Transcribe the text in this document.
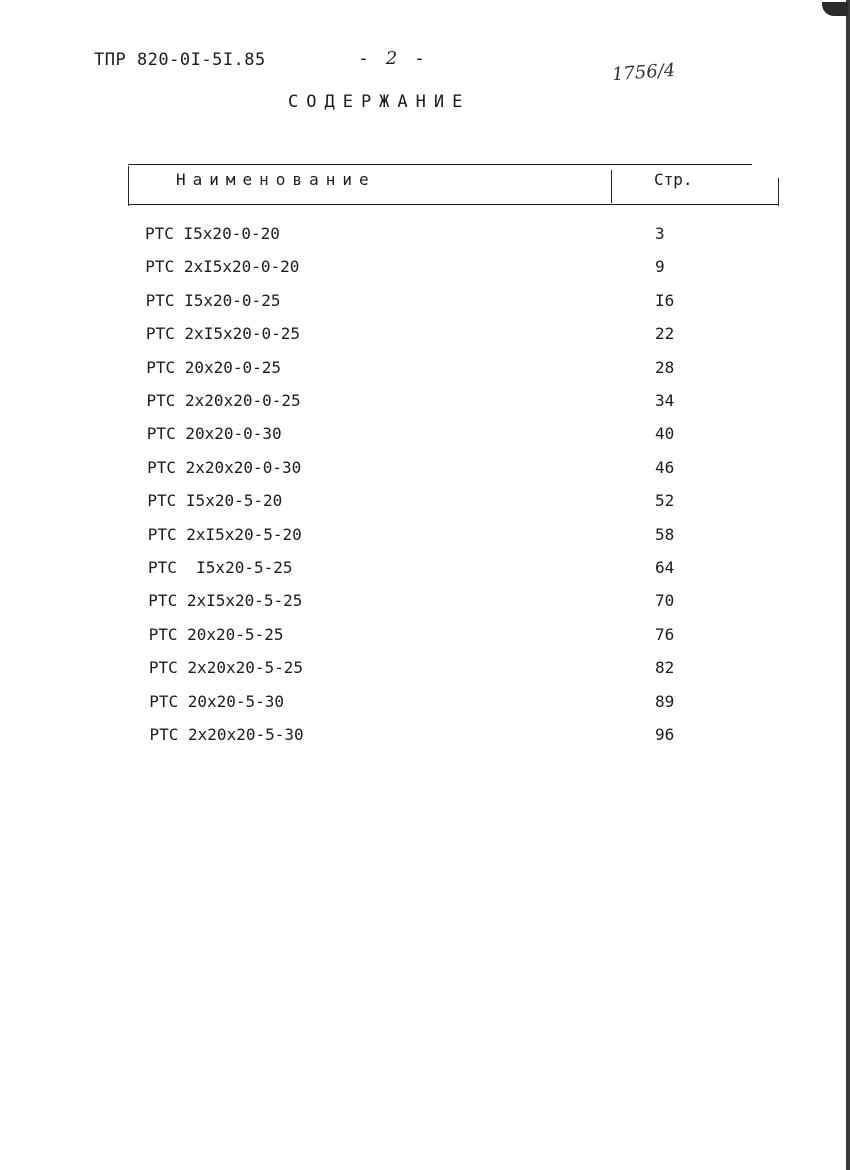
ТПР 820-0I-5I.85	- 2 -
1756/4
СОДЕРЖАНИЕ
Наименование	Стр.
РТС I5х20-0-20	3
РТС 2хI5х20-0-20	9
РТС I5х20-0-25	I6
РТС 2хI5х20-0-25	22
РТС 20х20-0-25	28
РТС 2х20х20-0-25	34
РТС 20х20-0-30	40
РТС 2х20х20-0-30	46
РТС I5х20-5-20	52
РТС 2хI5х20-5-20	58
РТС  I5х20-5-25	64
РТС 2хI5х20-5-25	70
РТС 20х20-5-25	76
РТС 2х20х20-5-25	82
РТС 20х20-5-30	89
РТС 2х20х20-5-30	96
